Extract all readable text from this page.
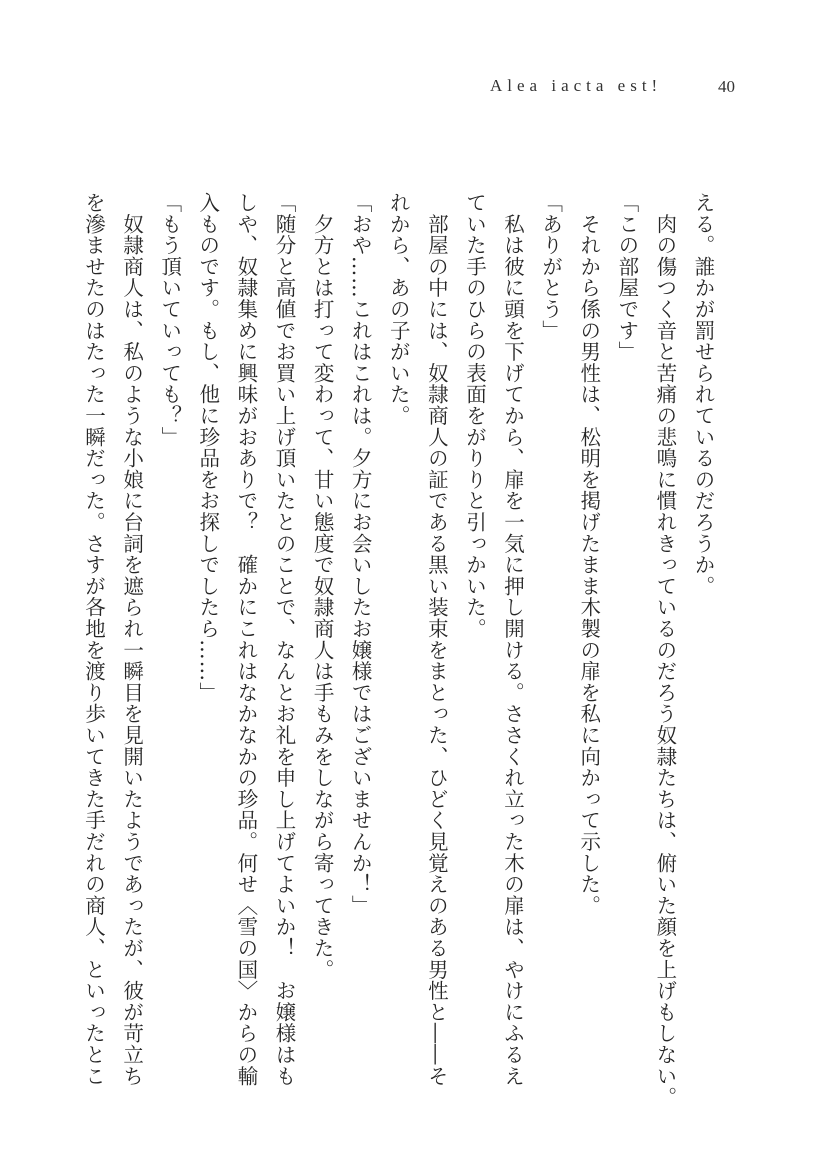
Alea iacta est!	40
える。誰かが罰せられているのだろうか。
　肉の傷つく音と苦痛の悲鳴に慣れきっているのだろう奴隷たちは、俯いた顔を上げもしない。
「この部屋です」
　それから係の男性は、松明を掲げたまま木製の扉を私に向かって示した。
「ありがとう」
　私は彼に頭を下げてから、扉を一気に押し開ける。ささくれ立った木の扉は、やけにふるえ
ていた手のひらの表面をがりりと引っかいた。
　部屋の中には、奴隷商人の証である黒い装束をまとった、ひどく見覚えのある男性と――そ
れから、あの子がいた。
「おや……これはこれは。夕方にお会いしたお嬢様ではございませんか！」
　夕方とは打って変わって、甘い態度で奴隷商人は手もみをしながら寄ってきた。
「随分と高値でお買い上げ頂いたとのことで、なんとお礼を申し上げてよいか！　お嬢様はも
しや、奴隷集めに興味がおありで？　確かにこれはなかなかの珍品。何せ〈雪の国〉からの輸
入ものです。もし、他に珍品をお探しでしたら……」
「もう頂いていっても？」
　奴隷商人は、私のような小娘に台詞を遮られ一瞬目を見開いたようであったが、彼が苛立ち
を滲ませたのはたった一瞬だった。さすが各地を渡り歩いてきた手だれの商人、といったとこ
